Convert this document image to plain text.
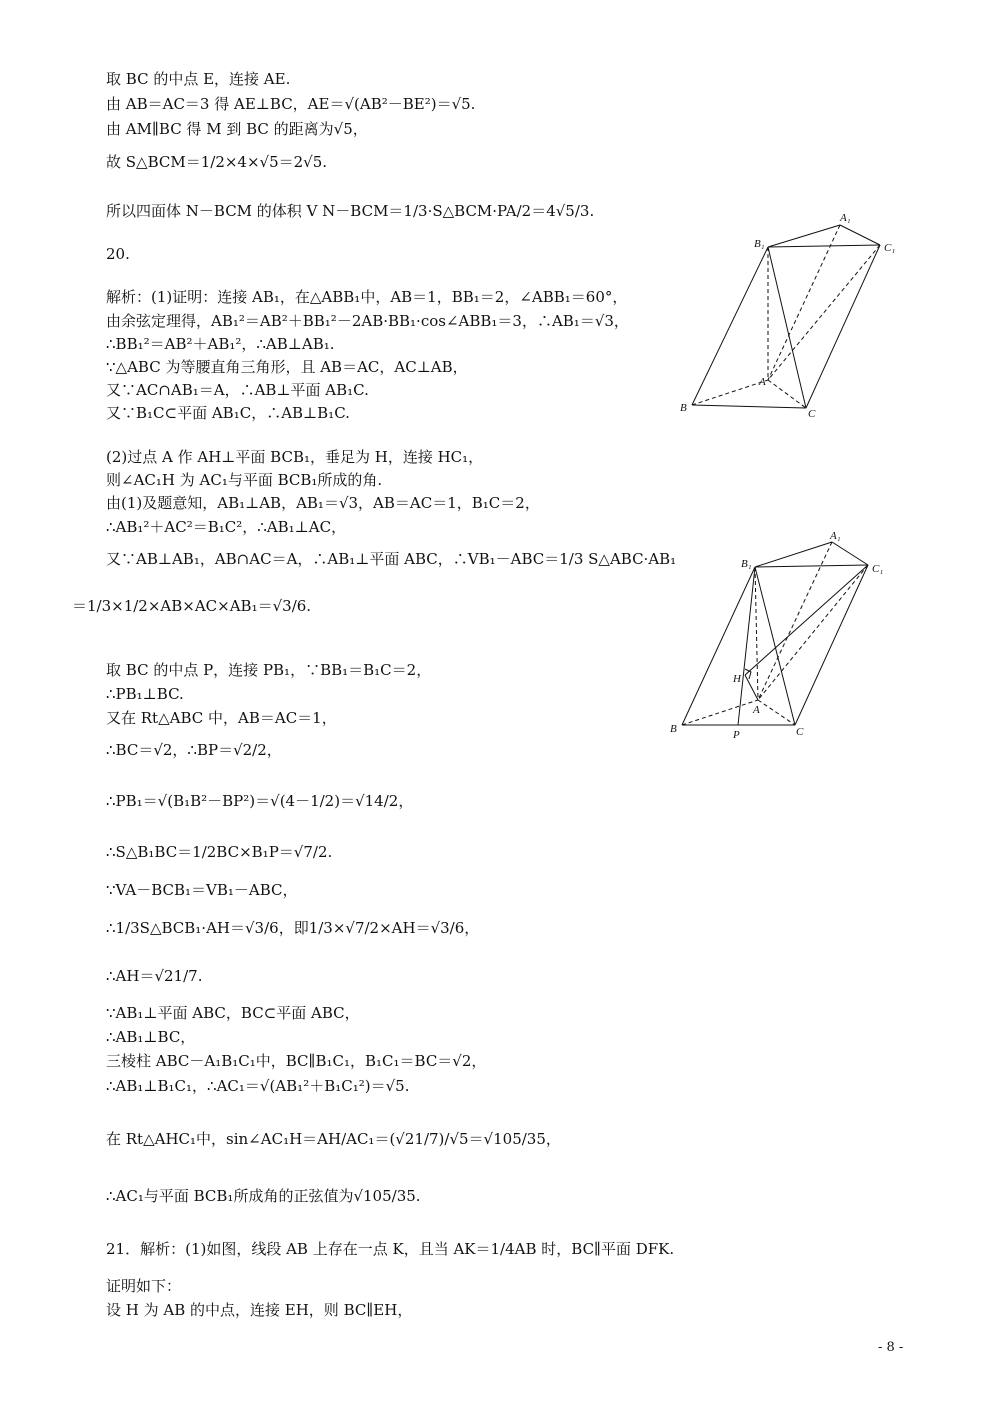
取 BC 的中点 E，连接 AE.
由 AB＝AC＝3 得 AE⊥BC，AE＝√(AB²－BE²)＝√5.
由 AM∥BC 得 M 到 BC 的距离为√5，
故 S△BCM＝1/2×4×√5＝2√5.
所以四面体 N－BCM 的体积 V N－BCM＝1/3·S△BCM·PA/2＝4√5/3.
20.
解析：(1)证明：连接 AB₁，在△ABB₁中，AB＝1，BB₁＝2，∠ABB₁＝60°，
由余弦定理得，AB₁²＝AB²＋BB₁²－2AB·BB₁·cos∠ABB₁＝3，∴AB₁＝√3，
∴BB₁²＝AB²＋AB₁²，∴AB⊥AB₁.
∵△ABC 为等腰直角三角形，且 AB＝AC，AC⊥AB，
又∵AC∩AB₁＝A，∴AB⊥平面 AB₁C.
又∵B₁C⊂平面 AB₁C，∴AB⊥B₁C.
(2)过点 A 作 AH⊥平面 BCB₁，垂足为 H，连接 HC₁，
则∠AC₁H 为 AC₁与平面 BCB₁所成的角.
由(1)及题意知，AB₁⊥AB，AB₁＝√3，AB＝AC＝1，B₁C＝2，
∴AB₁²＋AC²＝B₁C²，∴AB₁⊥AC，
又∵AB⊥AB₁，AB∩AC＝A，∴AB₁⊥平面 ABC，∴VB₁－ABC＝1/3 S△ABC·AB₁
＝1/3×1/2×AB×AC×AB₁＝√3/6.
取 BC 的中点 P，连接 PB₁，∵BB₁＝B₁C＝2，
∴PB₁⊥BC.
又在 Rt△ABC 中，AB＝AC＝1，
∴BC＝√2，∴BP＝√2/2，
∴PB₁＝√(B₁B²－BP²)＝√(4－1/2)＝√14/2，
∴S△B₁BC＝1/2BC×B₁P＝√7/2.
∵VA－BCB₁＝VB₁－ABC，
∴1/3S△BCB₁·AH＝√3/6，即1/3×√7/2×AH＝√3/6，
∴AH＝√21/7.
∵AB₁⊥平面 ABC，BC⊂平面 ABC，
∴AB₁⊥BC，
三棱柱 ABC－A₁B₁C₁中，BC∥B₁C₁，B₁C₁＝BC＝√2，
∴AB₁⊥B₁C₁，∴AC₁＝√(AB₁²＋B₁C₁²)＝√5.
在 Rt△AHC₁中，sin∠AC₁H＝AH/AC₁＝(√21/7)/√5＝√105/35，
∴AC₁与平面 BCB₁所成角的正弦值为√105/35.
21．解析：(1)如图，线段 AB 上存在一点 K，且当 AK＝1/4AB 时，BC∥平面 DFK.
证明如下：
设 H 为 AB 的中点，连接 EH，则 BC∥EH，
A₁
B₁	C₁
A
B	C
A₁
B₁	C₁
H
A
B	P	C
- 8 -
